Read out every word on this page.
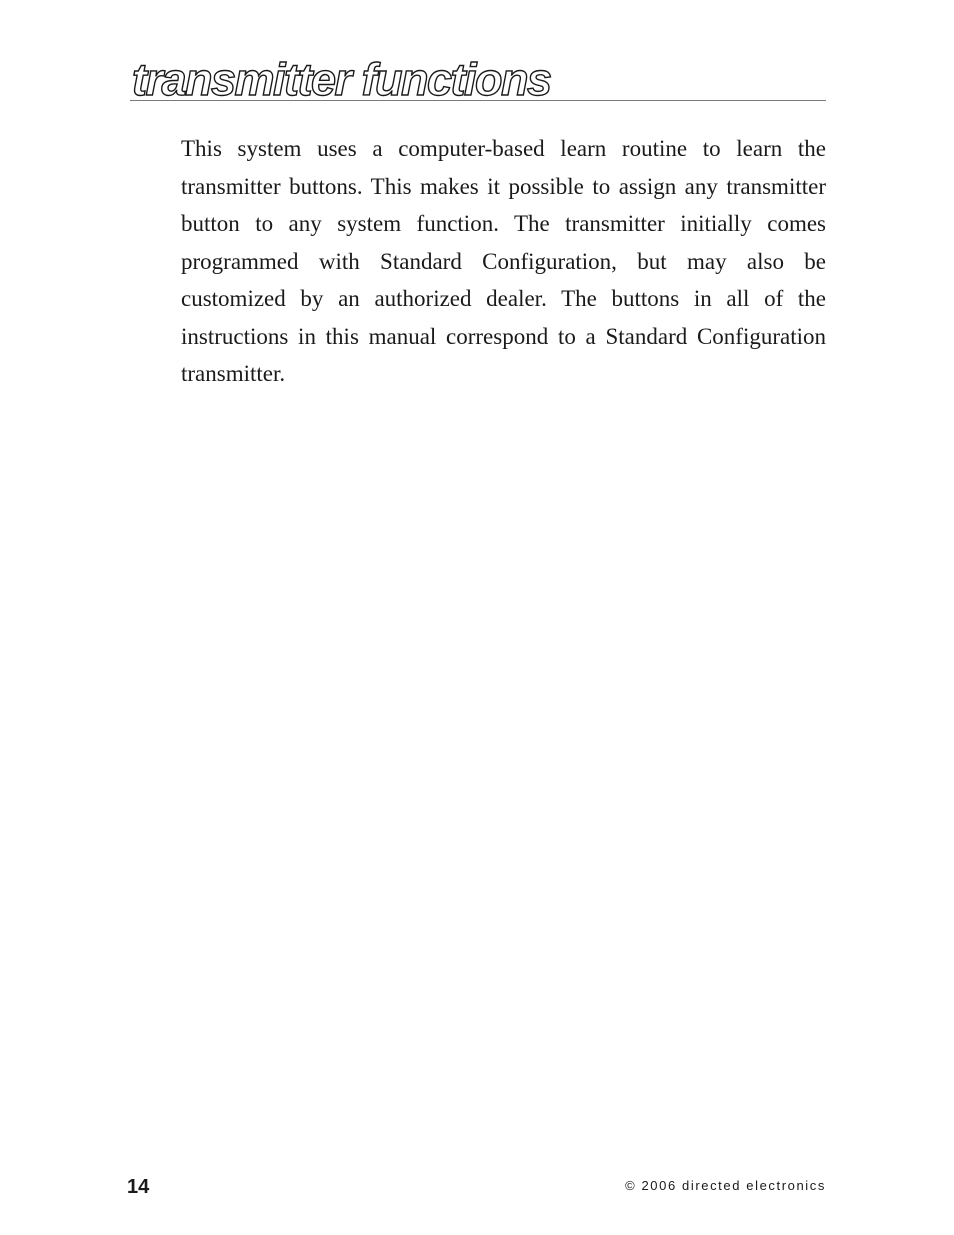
transmitter functions

This system uses a computer-based learn routine to learn the transmitter buttons. This makes it possible to assign any transmitter button to any system function. The transmitter initially comes programmed with Standard Configuration, but may also be customized by an authorized dealer. The buttons in all of the instructions in this manual correspond to a Standard Configuration transmitter.

14	© 2006 directed electronics
